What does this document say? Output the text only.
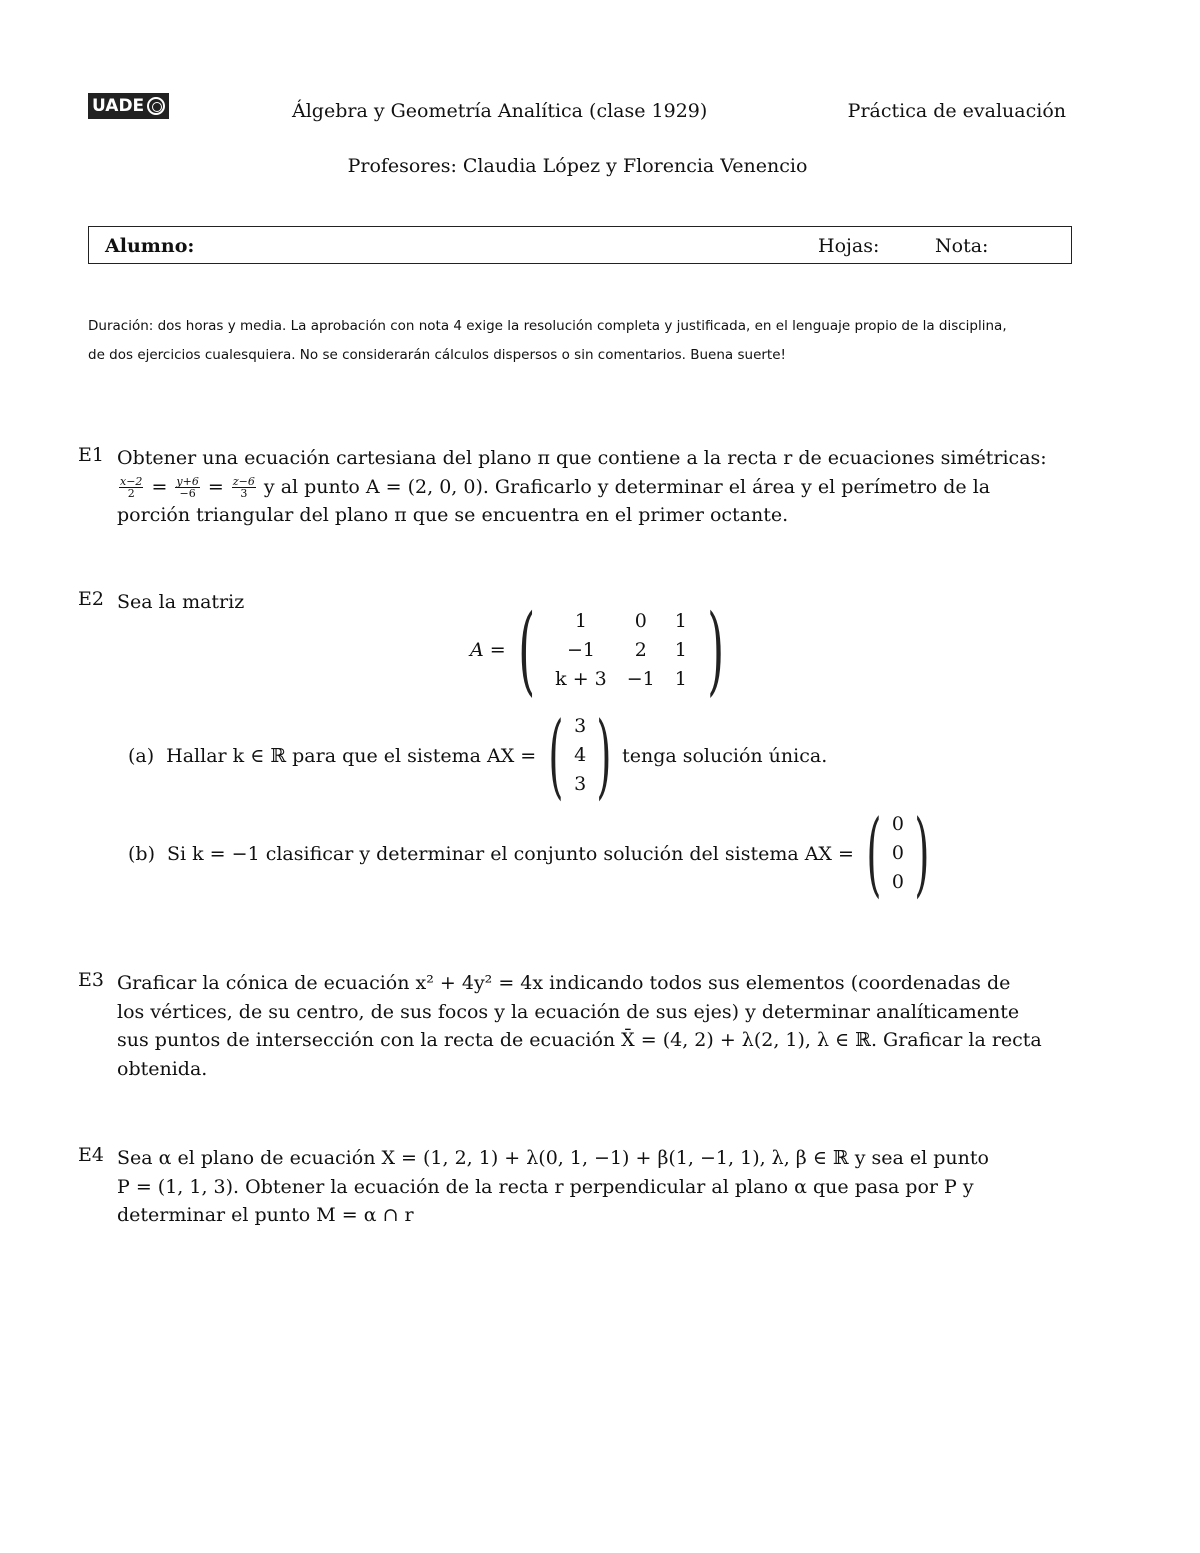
UADE	Álgebra y Geometría Analítica (clase 1929)	Práctica de evaluación
Profesores: Claudia López y Florencia Venencio
Alumno:	Hojas:	Nota:
Duración: dos horas y media. La aprobación con nota 4 exige la resolución completa y justificada, en el lenguaje propio de la disciplina,
de dos ejercicios cualesquiera. No se considerarán cálculos dispersos o sin comentarios. Buena suerte!
E1 Obtener una ecuación cartesiana del plano π que contiene a la recta r de ecuaciones simétricas:
$\frac{x-2}{2} = \frac{y+6}{-6} = \frac{z-6}{3}$ y al punto A = (2, 0, 0). Graficarlo y determinar el área y el perímetro de la
porción triangular del plano π que se encuentra en el primer octante.
E2 Sea la matriz
A = ( 1	0	1
−1	2	1
k + 3	−1	1 )
(a) Hallar k ∈ ℝ para que el sistema AX = ( 3
4
3 ) tenga solución única.
(b) Si k = −1 clasificar y determinar el conjunto solución del sistema AX = ( 0
0
0 )
E3 Graficar la cónica de ecuación x² + 4y² = 4x indicando todos sus elementos (coordenadas de
los vértices, de su centro, de sus focos y la ecuación de sus ejes) y determinar analíticamente
sus puntos de intersección con la recta de ecuación X̄ = (4, 2) + λ(2, 1), λ ∈ ℝ. Graficar la recta
obtenida.
E4 Sea α el plano de ecuación X = (1, 2, 1) + λ(0, 1, −1) + β(1, −1, 1), λ, β ∈ ℝ y sea el punto
P = (1, 1, 3). Obtener la ecuación de la recta r perpendicular al plano α que pasa por P y
determinar el punto M = α ∩ r
